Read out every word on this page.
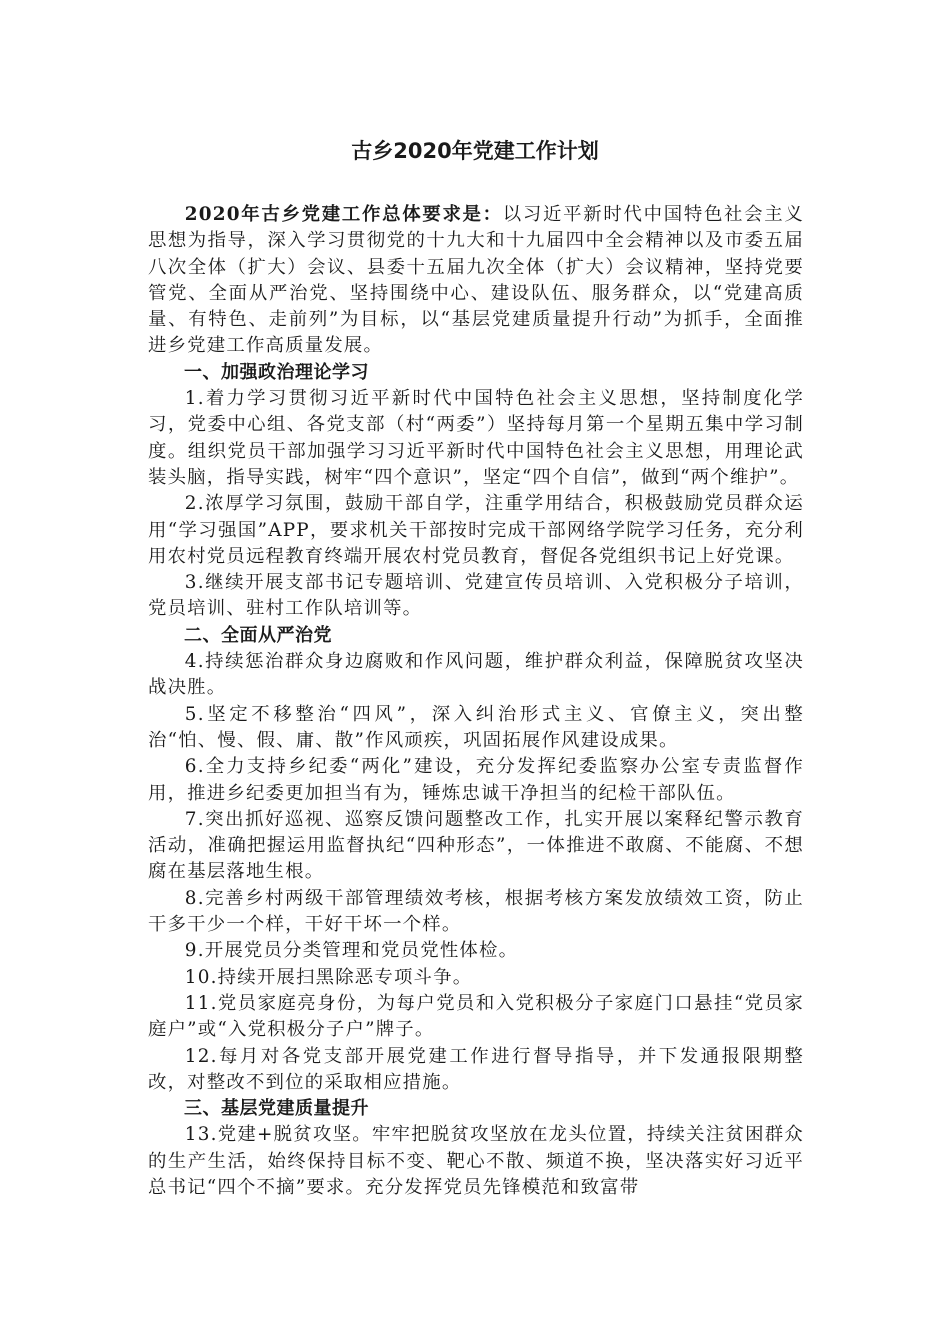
古乡2020年党建工作计划

2020年古乡党建工作总体要求是：以习近平新时代中国特色社会主义思想为指导，深入学习贯彻党的十九大和十九届四中全会精神以及市委五届八次全体（扩大）会议、县委十五届九次全体（扩大）会议精神，坚持党要管党、全面从严治党、坚持围绕中心、建设队伍、服务群众，以“党建高质量、有特色、走前列”为目标，以“基层党建质量提升行动”为抓手，全面推进乡党建工作高质量发展。

一、加强政治理论学习

1.着力学习贯彻习近平新时代中国特色社会主义思想，坚持制度化学习，党委中心组、各党支部（村“两委”）坚持每月第一个星期五集中学习制度。组织党员干部加强学习习近平新时代中国特色社会主义思想，用理论武装头脑，指导实践，树牢“四个意识”，坚定“四个自信”，做到“两个维护”。

2.浓厚学习氛围，鼓励干部自学，注重学用结合，积极鼓励党员群众运用“学习强国”APP，要求机关干部按时完成干部网络学院学习任务，充分利用农村党员远程教育终端开展农村党员教育，督促各党组织书记上好党课。

3.继续开展支部书记专题培训、党建宣传员培训、入党积极分子培训，党员培训、驻村工作队培训等。

二、全面从严治党

4.持续惩治群众身边腐败和作风问题，维护群众利益，保障脱贫攻坚决战决胜。

5.坚定不移整治“四风”，深入纠治形式主义、官僚主义，突出整治“怕、慢、假、庸、散”作风顽疾，巩固拓展作风建设成果。

6.全力支持乡纪委“两化”建设，充分发挥纪委监察办公室专责监督作用，推进乡纪委更加担当有为，锤炼忠诚干净担当的纪检干部队伍。

7.突出抓好巡视、巡察反馈问题整改工作，扎实开展以案释纪警示教育活动，准确把握运用监督执纪“四种形态”，一体推进不敢腐、不能腐、不想腐在基层落地生根。

8.完善乡村两级干部管理绩效考核，根据考核方案发放绩效工资，防止干多干少一个样，干好干坏一个样。

9.开展党员分类管理和党员党性体检。

10.持续开展扫黑除恶专项斗争。

11.党员家庭亮身份，为每户党员和入党积极分子家庭门口悬挂“党员家庭户”或“入党积极分子户”牌子。

12.每月对各党支部开展党建工作进行督导指导，并下发通报限期整改，对整改不到位的采取相应措施。

三、基层党建质量提升

13.党建+脱贫攻坚。牢牢把脱贫攻坚放在龙头位置，持续关注贫困群众的生产生活，始终保持目标不变、靶心不散、频道不换，坚决落实好习近平总书记“四个不摘”要求。充分发挥党员先锋模范和致富带
